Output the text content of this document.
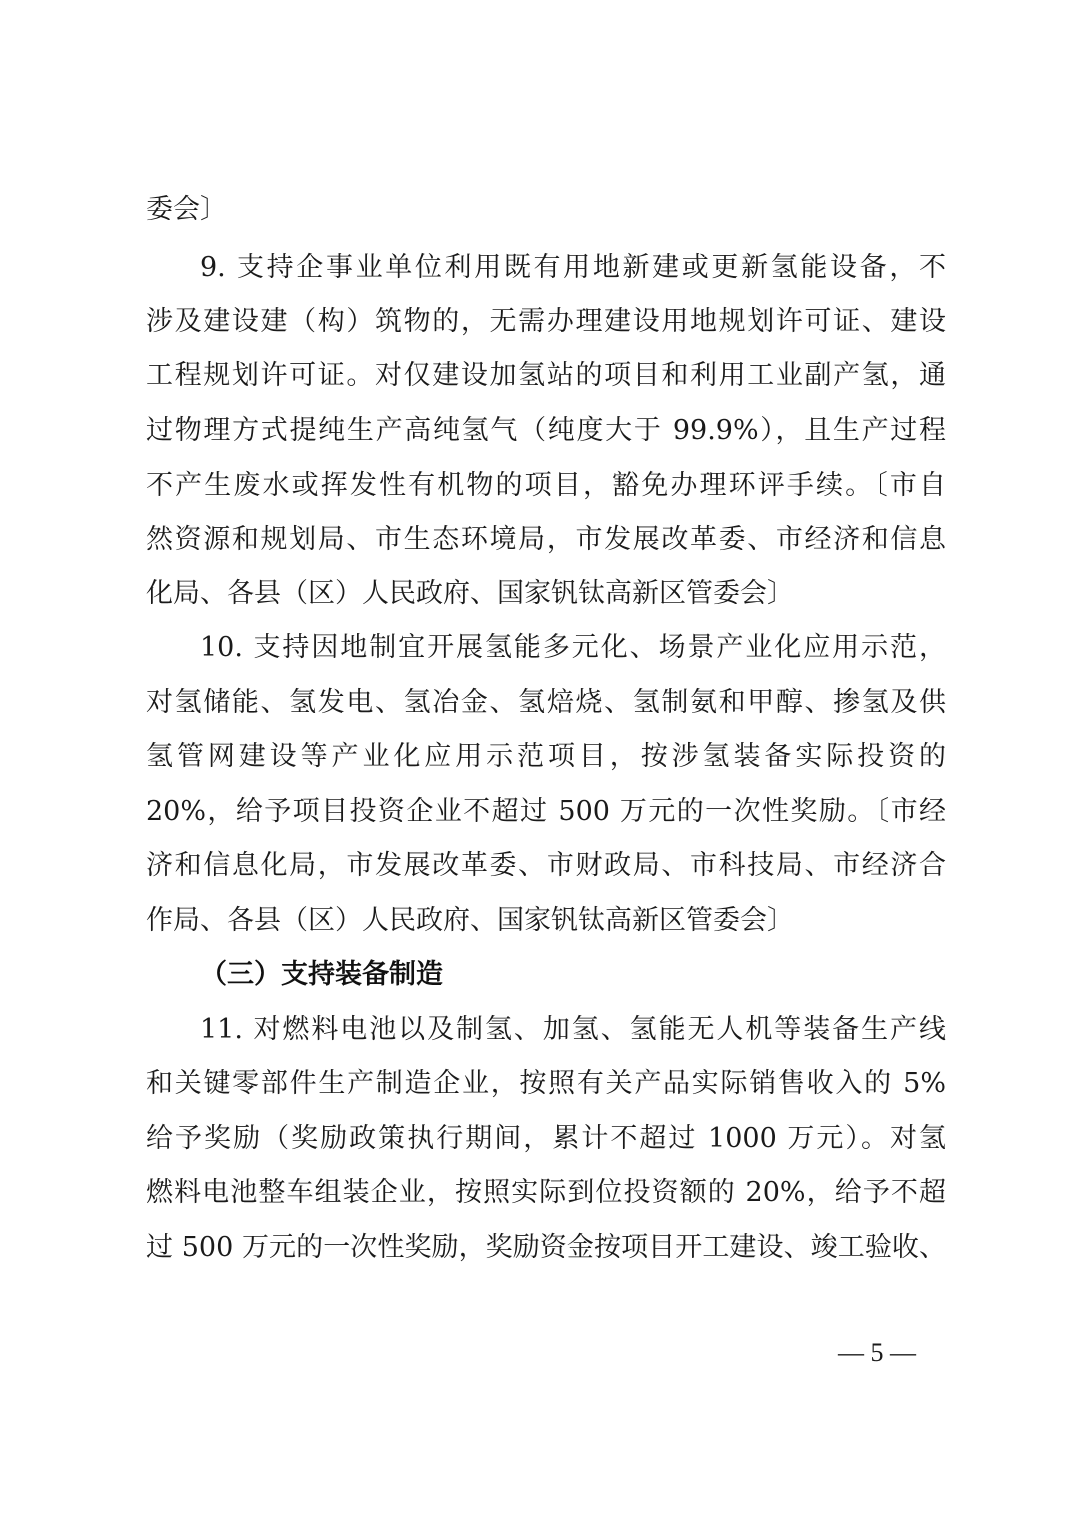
委会〕
9. 支持企事业单位利用既有用地新建或更新氢能设备，不
涉及建设建（构）筑物的，无需办理建设用地规划许可证、建设
工程规划许可证。对仅建设加氢站的项目和利用工业副产氢，通
过物理方式提纯生产高纯氢气（纯度大于 99.9%），且生产过程
不产生废水或挥发性有机物的项目，豁免办理环评手续。〔市自
然资源和规划局、市生态环境局，市发展改革委、市经济和信息
化局、各县（区）人民政府、国家钒钛高新区管委会〕
10. 支持因地制宜开展氢能多元化、场景产业化应用示范，
对氢储能、氢发电、氢冶金、氢焙烧、氢制氨和甲醇、掺氢及供
氢管网建设等产业化应用示范项目，按涉氢装备实际投资的
20%，给予项目投资企业不超过 500 万元的一次性奖励。〔市经
济和信息化局，市发展改革委、市财政局、市科技局、市经济合
作局、各县（区）人民政府、国家钒钛高新区管委会〕
（三）支持装备制造
11. 对燃料电池以及制氢、加氢、氢能无人机等装备生产线
和关键零部件生产制造企业，按照有关产品实际销售收入的 5%
给予奖励（奖励政策执行期间，累计不超过 1000 万元）。对氢
燃料电池整车组装企业，按照实际到位投资额的 20%，给予不超
过 500 万元的一次性奖励，奖励资金按项目开工建设、竣工验收、
— 5 —
